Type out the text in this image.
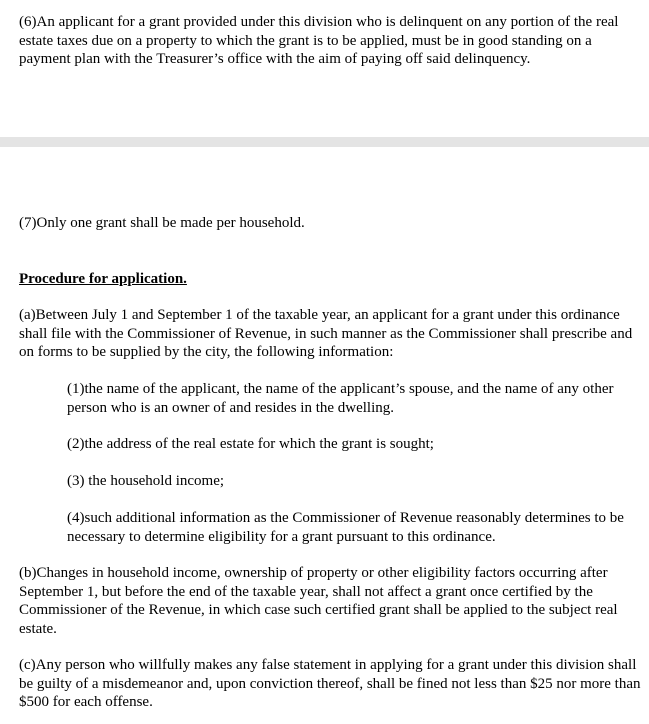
(6)An applicant for a grant provided under this division who is delinquent on any portion of the real estate taxes due on a property to which the grant is to be applied, must be in good standing on a payment plan with the Treasurer’s office with the aim of paying off said delinquency.

(7)Only one grant shall be made per household.

Procedure for application.

(a)Between July 1 and September 1 of the taxable year, an applicant for a grant under this ordinance shall file with the Commissioner of Revenue, in such manner as the Commissioner shall prescribe and on forms to be supplied by the city, the following information:

(1)the name of the applicant, the name of the applicant’s spouse, and the name of any other person who is an owner of and resides in the dwelling.

(2)the address of the real estate for which the grant is sought;

(3) the household income;

(4)such additional information as the Commissioner of Revenue reasonably determines to be necessary to determine eligibility for a grant pursuant to this ordinance.

(b)Changes in household income, ownership of property or other eligibility factors occurring after September 1, but before the end of the taxable year, shall not affect a grant once certified by the Commissioner of the Revenue, in which case such certified grant shall be applied to the subject real estate.

(c)Any person who willfully makes any false statement in applying for a grant under this division shall be guilty of a misdemeanor and, upon conviction thereof, shall be fined not less than $25 nor more than $500 for each offense.
